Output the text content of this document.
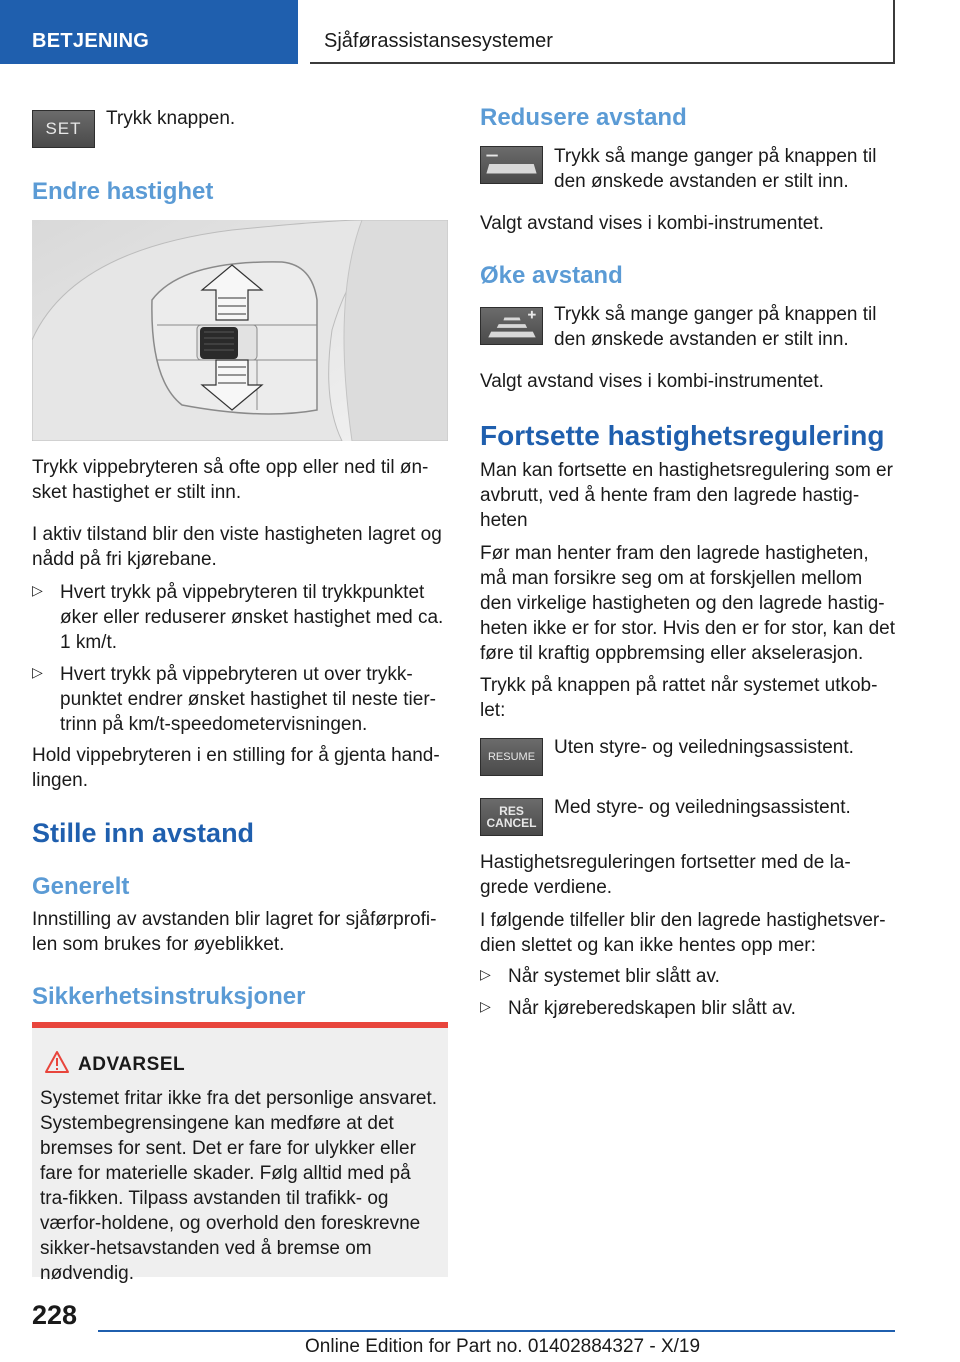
BETJENING	Sjåførassistansesystemer
SET Trykk knappen.

Endre hastighet

Trykk vippebryteren så ofte opp eller ned til øn-sket hastighet er stilt inn.

I aktiv tilstand blir den viste hastigheten lagret og nådd på fri kjørebane.

▷ Hvert trykk på vippebryteren til trykkpunktet øker eller reduserer ønsket hastighet med ca. 1 km/t.

▷ Hvert trykk på vippebryteren ut over trykk-punktet endrer ønsket hastighet til neste tier-trinn på km/t-speedometervisningen.

Hold vippebryteren i en stilling for å gjenta hand-lingen.

Stille inn avstand

Generelt

Innstilling av avstanden blir lagret for sjåførprofi-len som brukes for øyeblikket.

Sikkerhetsinstruksjoner

ADVARSEL

Systemet fritar ikke fra det personlige ansvaret. Systembegrensingene kan medføre at det bremses for sent. Det er fare for ulykker eller fare for materielle skader. Følg alltid med på tra-fikken. Tilpass avstanden til trafikk- og værfor-holdene, og overhold den foreskrevne sikker-hetsavstanden ved å bremse om nødvendig.

Redusere avstand

Trykk så mange ganger på knappen til den ønskede avstanden er stilt inn.

Valgt avstand vises i kombi-instrumentet.

Øke avstand

Trykk så mange ganger på knappen til den ønskede avstanden er stilt inn.

Valgt avstand vises i kombi-instrumentet.

Fortsette hastighetsregulering

Man kan fortsette en hastighetsregulering som er avbrutt, ved å hente fram den lagrede hastig-heten

Før man henter fram den lagrede hastigheten, må man forsikre seg om at forskjellen mellom den virkelige hastigheten og den lagrede hastig-heten ikke er for stor. Hvis den er for stor, kan det føre til kraftig oppbremsing eller akselerasjon.

Trykk på knappen på rattet når systemet utkob-let:

RESUME Uten styre- og veiledningsassistent.

RES
CANCEL

Med styre- og veiledningsassistent.

Hastighetsreguleringen fortsetter med de la-grede verdiene.

I følgende tilfeller blir den lagrede hastighetsver-dien slettet og kan ikke hentes opp mer:

▷ Når systemet blir slått av.

▷ Når kjøreberedskapen blir slått av.

228
Online Edition for Part no. 01402884327 - X/19
